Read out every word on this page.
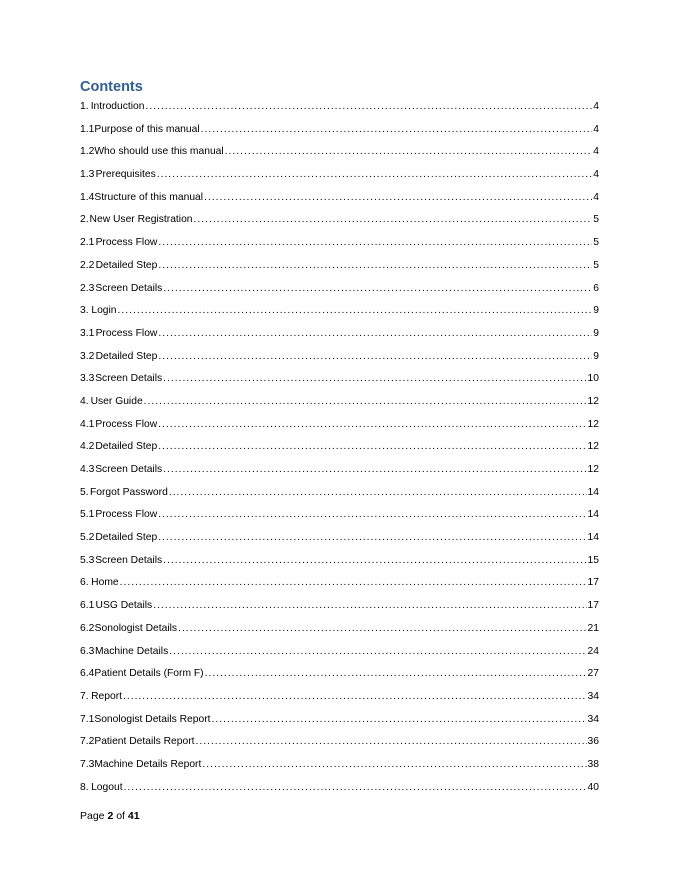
Contents
1. Introduction .....	4
1.1 Purpose of this manual .....	4
1.2 Who should use this manual .....	4
1.3 Prerequisites .....	4
1.4 Structure of this manual .....	4
2. New User Registration .....	5
2.1 Process Flow .....	5
2.2 Detailed Step .....	5
2.3 Screen Details .....	6
3. Login .....	9
3.1 Process Flow .....	9
3.2 Detailed Step .....	9
3.3 Screen Details .....	10
4. User Guide .....	12
4.1 Process Flow .....	12
4.2 Detailed Step .....	12
4.3 Screen Details .....	12
5. Forgot Password .....	14
5.1 Process Flow .....	14
5.2 Detailed Step .....	14
5.3 Screen Details .....	15
6. Home .....	17
6.1 USG Details .....	17
6.2 Sonologist Details .....	21
6.3 Machine Details .....	24
6.4 Patient Details (Form F) .....	27
7. Report .....	34
7.1 Sonologist Details Report .....	34
7.2 Patient Details Report .....	36
7.3 Machine Details Report .....	38
8. Logout .....	40
Page 2 of 41
